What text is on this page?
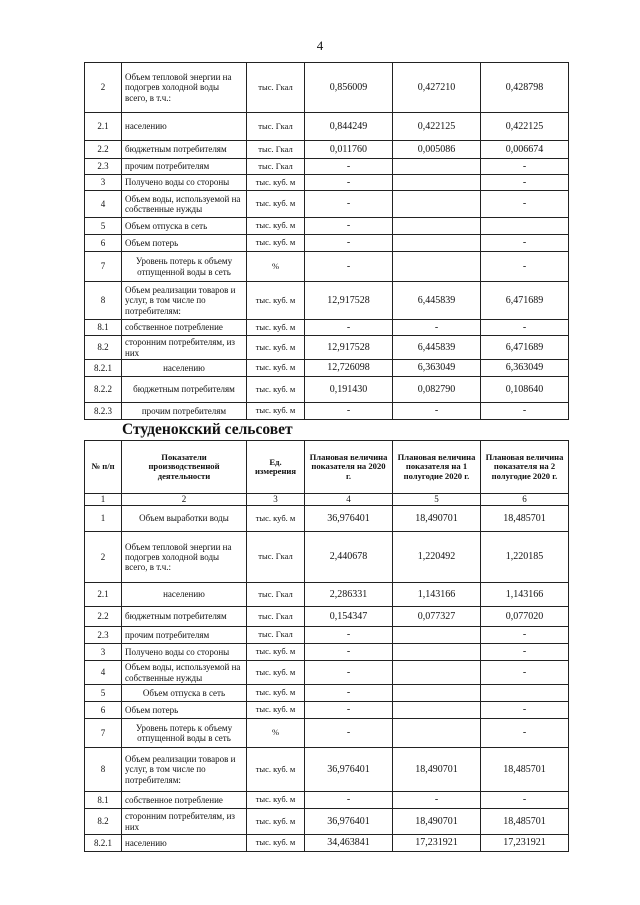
4
2	Объем тепловой энергии на подогрев холодной воды всего, в т.ч.:	тыс. Гкал	0,856009	0,427210	0,428798
2.1	населению	тыс. Гкал	0,844249	0,422125	0,422125
2.2	бюджетным потребителям	тыс. Гкал	0,011760	0,005086	0,006674
2.3	прочим потребителям	тыс. Гкал	-		-
3	Получено воды со стороны	тыс. куб. м	-		-
4	Объем воды, используемой на собственные нужды	тыс. куб. м	-		-
5	Объем отпуска в сеть	тыс. куб. м	-		
6	Объем потерь	тыс. куб. м	-		-
7	Уровень потерь к объему отпущенной воды в сеть	%	-		-
8	Объем реализации товаров и услуг, в том числе по потребителям:	тыс. куб. м	12,917528	6,445839	6,471689
8.1	собственное потребление	тыс. куб. м	-	-	-
8.2	сторонним потребителям, из них	тыс. куб. м	12,917528	6,445839	6,471689
8.2.1	населению	тыс. куб. м	12,726098	6,363049	6,363049
8.2.2	бюджетным потребителям	тыс. куб. м	0,191430	0,082790	0,108640
8.2.3	прочим потребителям	тыс. куб. м	-	-	-
Студенокский сельсовет
№ п/п	Показатели производственной деятельности	Ед. измерения	Плановая величина показателя на 2020 г.	Плановая величина показателя на 1 полугодие 2020 г.	Плановая величина показателя на 2 полугодие 2020 г.
1	2	3	4	5	6
1	Объем выработки воды	тыс. куб. м	36,976401	18,490701	18,485701
2	Объем тепловой энергии на подогрев холодной воды всего, в т.ч.:	тыс. Гкал	2,440678	1,220492	1,220185
2.1	населению	тыс. Гкал	2,286331	1,143166	1,143166
2.2	бюджетным потребителям	тыс. Гкал	0,154347	0,077327	0,077020
2.3	прочим потребителям	тыс. Гкал	-		-
3	Получено воды со стороны	тыс. куб. м	-		-
4	Объем воды, используемой на собственные нужды	тыс. куб. м	-		-
5	Объем отпуска в сеть	тыс. куб. м	-		
6	Объем потерь	тыс. куб. м	-		-
7	Уровень потерь к объему отпущенной воды в сеть	%	-		-
8	Объем реализации товаров и услуг, в том числе по потребителям:	тыс. куб. м	36,976401	18,490701	18,485701
8.1	собственное потребление	тыс. куб. м	-	-	-
8.2	сторонним потребителям, из них	тыс. куб. м	36,976401	18,490701	18,485701
8.2.1	населению	тыс. куб. м	34,463841	17,231921	17,231921
